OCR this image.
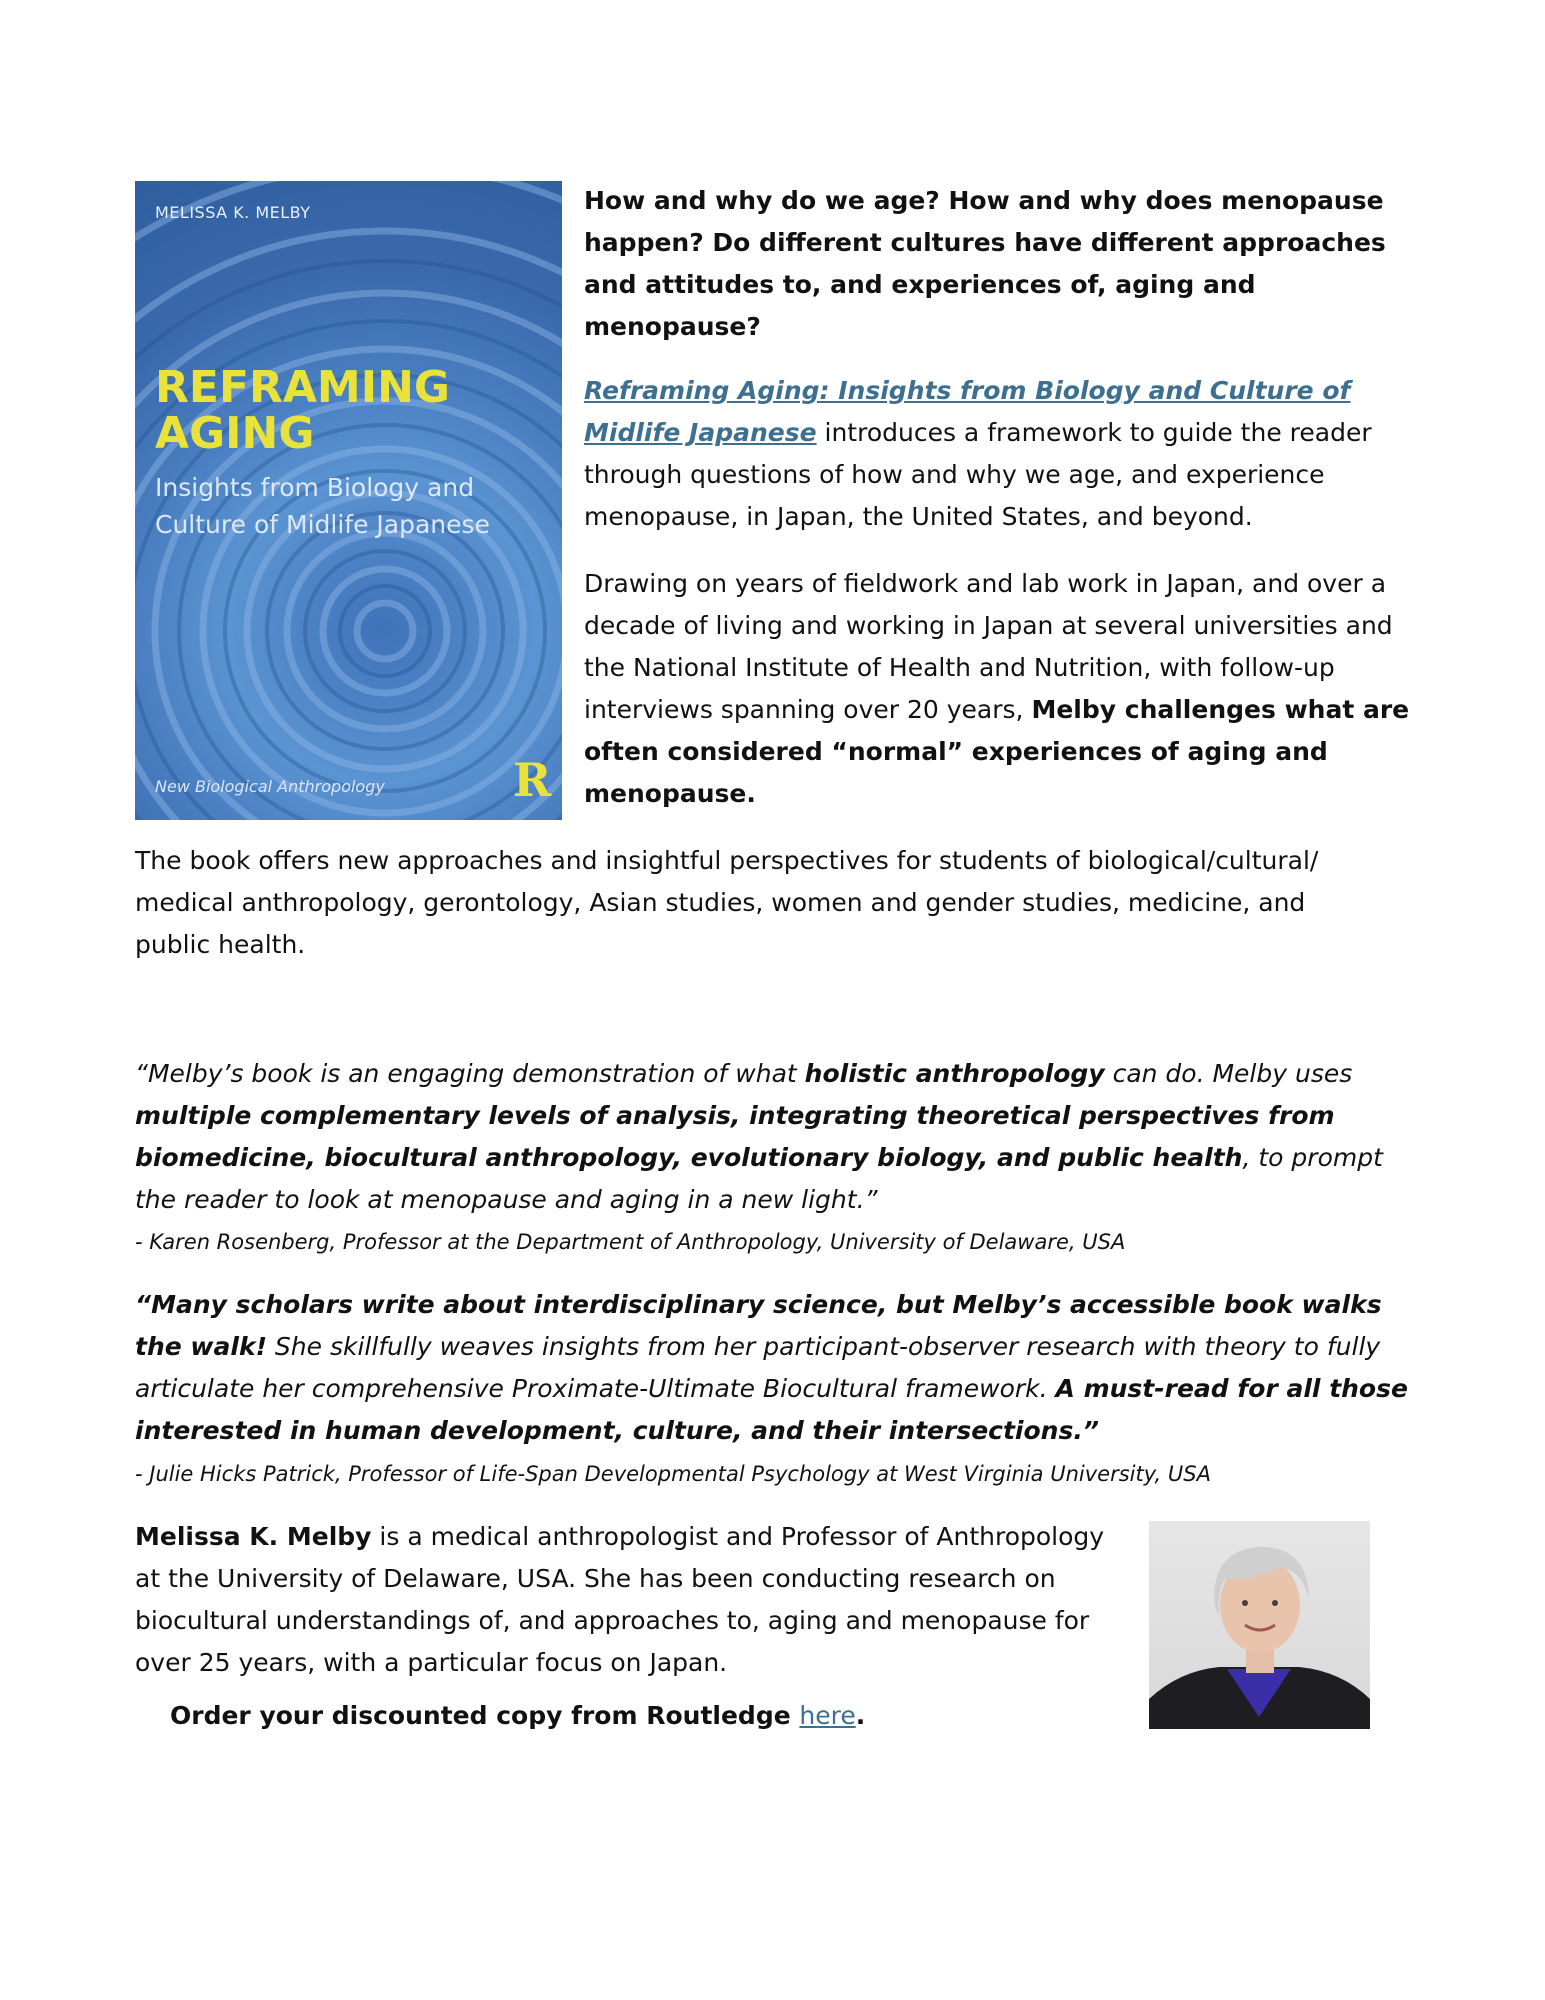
MELISSA K. MELBY
REFRAMING
AGING
Insights from Biology and Culture of Midlife Japanese
New Biological Anthropology	R

How and why do we age? How and why does menopause happen? Do different cultures have different approaches and attitudes to, and experiences of, aging and menopause?

Reframing Aging: Insights from Biology and Culture of Midlife Japanese introduces a framework to guide the reader through questions of how and why we age, and experience menopause, in Japan, the United States, and beyond.

Drawing on years of fieldwork and lab work in Japan, and over a decade of living and working in Japan at several universities and the National Institute of Health and Nutrition, with follow-up interviews spanning over 20 years, Melby challenges what are often considered “normal” experiences of aging and menopause.

The book offers new approaches and insightful perspectives for students of biological/cultural/ medical anthropology, gerontology, Asian studies, women and gender studies, medicine, and public health.

“Melby’s book is an engaging demonstration of what holistic anthropology can do. Melby uses multiple complementary levels of analysis, integrating theoretical perspectives from biomedicine, biocultural anthropology, evolutionary biology, and public health, to prompt the reader to look at menopause and aging in a new light.”

- Karen Rosenberg, Professor at the Department of Anthropology, University of Delaware, USA

“Many scholars write about interdisciplinary science, but Melby’s accessible book walks the walk! She skillfully weaves insights from her participant-observer research with theory to fully articulate her comprehensive Proximate-Ultimate Biocultural framework. A must-read for all those interested in human development, culture, and their intersections.”

- Julie Hicks Patrick, Professor of Life-Span Developmental Psychology at West Virginia University, USA

Melissa K. Melby is a medical anthropologist and Professor of Anthropology at the University of Delaware, USA. She has been conducting research on biocultural understandings of, and approaches to, aging and menopause for over 25 years, with a particular focus on Japan.

Order your discounted copy from Routledge here.
